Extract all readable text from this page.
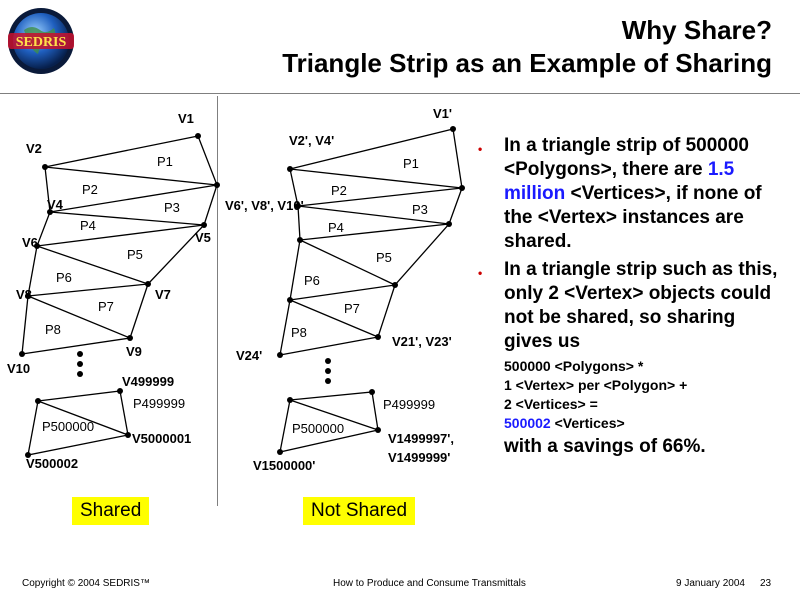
SEDRIS	Why Share?
Triangle Strip as an Example of Sharing
V1
V2
V4
V5
V6
V7
V8
V9
V10
V499999
V5000001
V500002
P1
P2
P3
P4
P5
P6
P7
P8
P499999
P500000
V1'
V2', V4'
V6', V8', V10'
V21', V23'
V24'
V1499997',
V1499999'
V1500000'
P1
P2
P3
P4
P5
P6
P7
P8
P499999
P500000
Shared	Not Shared
• In a triangle strip of 500000 <Polygons>, there are 1.5 million <Vertices>, if none of the <Vertex> instances are shared.
• In a triangle strip such as this, only 2 <Vertex> objects could not be shared, so sharing gives us
500000 <Polygons> *
1 <Vertex> per <Polygon> +
2 <Vertices> =
500002 <Vertices>
with a savings of 66%.
Copyright © 2004 SEDRIS™	How to Produce and Consume Transmittals	9 January 2004 23
